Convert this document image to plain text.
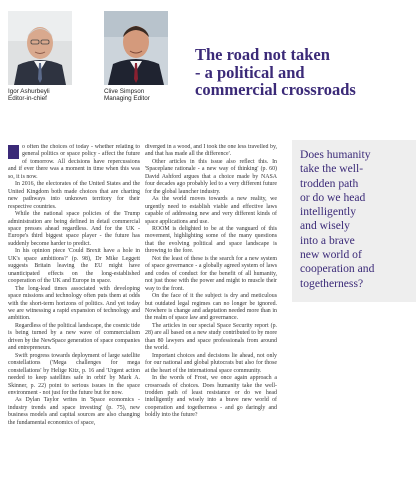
Igor Ashurbeyli
Editor-in-chief
Clive Simpson
Managing Editor
The road not taken
- a political and
commercial crossroads

o often the choices of today - whether relating to general politics or space policy - affect the future of tomorrow. All decisions have repercussions and if ever there was a moment in time when this was so, it is now.

In 2016, the electorates of the United States and the United Kingdom both made choices that are charting new pathways into unknown territory for their respective countries.

While the national space policies of the Trump administration are being defined in detail commercial space presses ahead regardless. And for the UK - Europe's third biggest space player - the future has suddenly become harder to predict.

In his opinion piece 'Could Brexit have a hole in UK's space ambitions?' (p. 98), Dr Mike Leggett suggests Britain leaving the EU might have unanticipated effects on the long-established cooperation of the UK and Europe in space.

The long-lead times associated with developing space missions and technology often puts them at odds with the short-term horizons of politics. And yet today we are witnessing a rapid expansion of technology and ambition.

Regardless of the political landscape, the cosmic tide is being turned by a new wave of commercialism driven by the NewSpace generation of space companies and entrepreneurs.

Swift progress towards deployment of large satellite constellations ('Mega challenges for mega constellations' by Helige Kitz, p. 16 and 'Urgent action needed to keep satellites safe in orbit' by Mark A. Skinner, p. 22) point to serious issues in the space environment - not just for the future but for now.

As Dylan Taylor writes in 'Space economics - industry trends and space investing' (p. 75), new business models and capital sources are also changing the fundamental economics of space,

diverged in a wood, and I took the one less travelled by, and that has made all the difference'.

Other articles in this issue also reflect this. In 'Spaceplane rationale - a new way of thinking' (p. 60) David Ashford argues that a choice made by NASA four decades ago probably led to a very different future for the global launcher industry.

As the world moves towards a new reality, we urgently need to establish viable and effective laws capable of addressing new and very different kinds of space applications and use.

ROOM is delighted to be at the vanguard of this movement, highlighting some of the many questions that the evolving political and space landscape is throwing to the fore.

Not the least of these is the search for a new system of space governance - a globally agreed system of laws and codes of conduct for the benefit of all humanity, not just those with the power and might to muscle their way to the front.

On the face of it the subject is dry and meticulous but outdated legal regimes can no longer be ignored. Nowhere is change and adaptation needed more than in the realm of space law and governance.

The articles in our special Space Security report (p. 28) are all based on a new study contributed to by more than 80 lawyers and space professionals from around the world.

Important choices and decisions lie ahead, not only for our national and global plutocrats but also for those at the heart of the international space community.

In the words of Frost, we once again approach a crossroads of choices. Does humanity take the well-trodden path of least resistance or do we head intelligently and wisely into a brave new world of cooperation and togetherness - and go daringly and boldly into the future?

Does humanity
take the well-
trodden path
or do we head
intelligently
and wisely
into a brave
new world of
cooperation and
togetherness?
